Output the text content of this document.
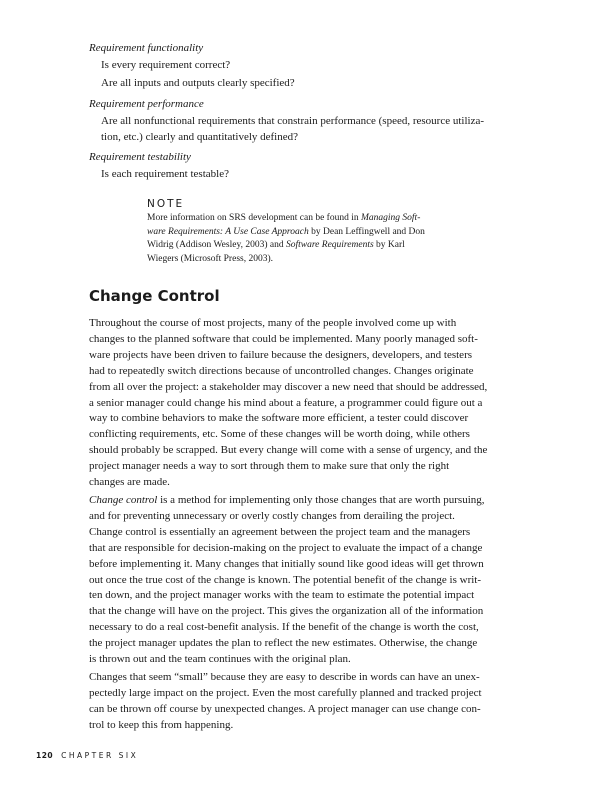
Requirement functionality
Is every requirement correct?
Are all inputs and outputs clearly specified?
Requirement performance
Are all nonfunctional requirements that constrain performance (speed, resource utiliza-
tion, etc.) clearly and quantitatively defined?
Requirement testability
Is each requirement testable?
NOTE
More information on SRS development can be found in Managing Soft-
ware Requirements: A Use Case Approach by Dean Leffingwell and Don
Widrig (Addison Wesley, 2003) and Software Requirements by Karl
Wiegers (Microsoft Press, 2003).
Change Control
Throughout the course of most projects, many of the people involved come up with
changes to the planned software that could be implemented. Many poorly managed soft-
ware projects have been driven to failure because the designers, developers, and testers
had to repeatedly switch directions because of uncontrolled changes. Changes originate
from all over the project: a stakeholder may discover a new need that should be addressed,
a senior manager could change his mind about a feature, a programmer could figure out a
way to combine behaviors to make the software more efficient, a tester could discover
conflicting requirements, etc. Some of these changes will be worth doing, while others
should probably be scrapped. But every change will come with a sense of urgency, and the
project manager needs a way to sort through them to make sure that only the right
changes are made.
Change control is a method for implementing only those changes that are worth pursuing,
and for preventing unnecessary or overly costly changes from derailing the project.
Change control is essentially an agreement between the project team and the managers
that are responsible for decision-making on the project to evaluate the impact of a change
before implementing it. Many changes that initially sound like good ideas will get thrown
out once the true cost of the change is known. The potential benefit of the change is writ-
ten down, and the project manager works with the team to estimate the potential impact
that the change will have on the project. This gives the organization all of the information
necessary to do a real cost-benefit analysis. If the benefit of the change is worth the cost,
the project manager updates the plan to reflect the new estimates. Otherwise, the change
is thrown out and the team continues with the original plan.
Changes that seem “small” because they are easy to describe in words can have an unex-
pectedly large impact on the project. Even the most carefully planned and tracked project
can be thrown off course by unexpected changes. A project manager can use change con-
trol to keep this from happening.
120 CHAPTER SIX
